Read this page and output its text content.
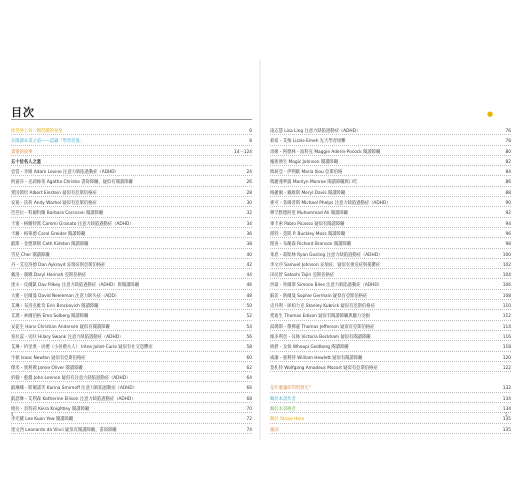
目次	●
給世界上每一顆閃耀的星星	6
在閱讀本書之前——認識「學習差異」	8
畫情的故事	14－124
五十位名人之星
亞當・李維 Adam Levine 注意力缺陷過動症（ADHD）	24
阿嘉莎・克莉絲蒂 Agatha Christie 書寫障礙、疑似有閱讀障礙	26
愛因斯坦 Albert Einstein 疑似有亞斯伯格症	28
安迪・沃荷 Andy Warhol 疑似有亞斯伯格症	30
芭芭拉・科爾科蘭 Barbara Corcoran 閱讀障礙	32
卡蜜・格蘭特派 Cammi Granato 注意力缺陷過動症（ADHD）	34
卡蘿・格萊德 Carol Greider 閱讀障礙	36
凱斯・金德斯頓 Cath Kidston 閱讀障礙	38
雪兒 Cher 閱讀障礙	40
丹・艾克洛德 Dan Aykroyd 妥瑞症與亞斯伯格症	42
戴洛・漢娜 Daryl Hannah 亞斯伯格症	44
達夫・皮爾凱 Dav Pilkey 注意力缺陷過動症（ADHD）與閱讀障礙	46
大衛・尼爾曼 David Neeleman 注意力缺失症（ADD）	48
艾琳・布洛克維奇 Erin Brockovich 閱讀障礙	50
艾瑪・索爾伯格 Ema Solberg 閱讀障礙	52
安徒生 Hans Christian Andersen 疑似有閱讀障礙	54
希拉蕊・史旺 Hilary Swank 注意力缺陷過動症（ADHD）	56
艾琳・約里奧・居禮（小居禮夫人） Irène Joliot-Curie 疑似有社交恐懼症	58
牛頓 Isaac Newton 疑似有亞斯伯格症	60
傑米・奧利佛 Jamie Oliver 閱讀障礙	62
約翰・藍儂 John Lennon 疑似有注意力缺陷過動症（ADHD）	64
凱琳娜・斯爾諾芙 Karina Smirnoff 注意力缺陷過動症（ADHD）	66
凱瑟琳・艾利森 Katherine Ellison 注意力缺陷過動症（ADHD）	68
綺拉・奈特莉 Keira Knightley 閱讀障礙	70
李光耀 Lee Kuan Yew 閱讀障礙	72
達文西 Leonardo da Vinci 疑似有閱讀障礙、書寫障礙	74
凌志慧 Lisa Ling 注意力缺陷過動症（ADHD）	76
莉希・艾梅 Lizzie Emeh 先天學習困難	78
馬姬・阿德林・波科克 Maggie Aderin-Pocock 閱讀障礙	80
魔術強生 Magic Johnson 閱讀障礙	82
瑪莉亞・伊利歐 Maria Iliou 亞斯伯格	84
瑪麗蓮夢露 Marilyn Monroe 閱讀障礙與口吃	86
梅麗爾・戴維斯 Meryl Davis 閱讀障礙	88
麥可・菲爾普斯 Michael Phelps 注意力缺陷過動症（ADHD）	90
穆罕默德阿里 Muhammad Ali 閱讀障礙	92
畢卡索 Pablo Picasso 疑似有閱讀障礙	94
派特・莫斯 P. Buckley Moss 閱讀障礙	96
理查・布蘭森 Richard Branson 閱讀障礙	98
萊恩・葛斯林 Ryan Gosling 注意力缺陷過動症（ADHD）	100
李文序 Samuel Johnson 妥瑞症、疑似有強迫症與憂鬱症	102
田尻智 Satoshi Tajiri 亞斯伯格症	104
西蒙・拜爾斯 Simone Biles 注意力缺陷過動症（ADHD）	106
蘇菲・熱爾曼 Sophie Germain 疑似有亞斯伯格症	108
史丹利・庫柏力克 Stanley Kubrick 疑似有亞斯伯格症	110
愛迪生 Thomas Edison 疑似有閱讀障礙與聽力受損	112
湯瑪斯・傑佛遜 Thomas Jefferson 疑似有亞斯伯格症	114
維多利亞・貝絲 Victoria Beckham 疑似有閱讀障礙	116
琥碧・戈柏 Whoopi Goldberg 閱讀障礙	118
威廉・惠利特 William Hewlett 疑似有閱讀障礙	120
莫札特 Wolfgang Amadeus Mozart 疑似有亞斯伯格症	122
是什麼讓你閃閃發光？	132
關於本書作者	134
關於本書繪者	134
關於 Stripe Hero	135
謝詞	135
4	5
